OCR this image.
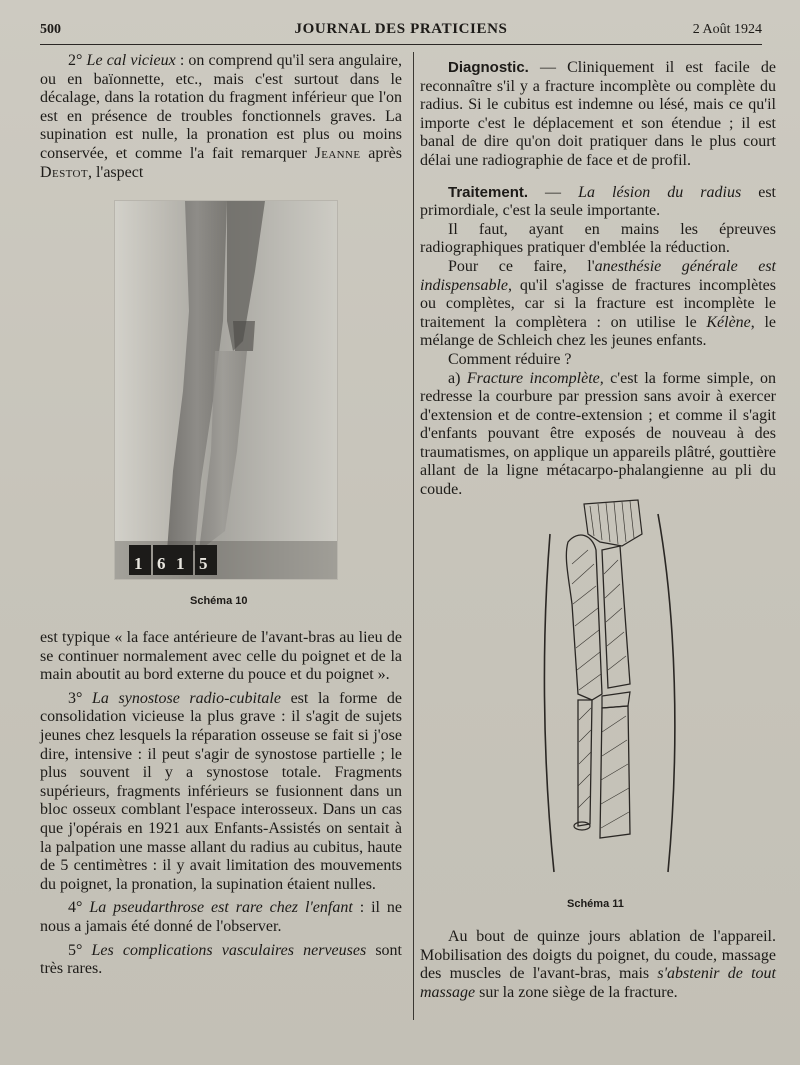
500	JOURNAL DES PRATICIENS	2 Août 1924

2° Le cal vicieux : on comprend qu'il sera angulaire, ou en baïonnette, etc., mais c'est surtout dans le décalage, dans la rotation du fragment inférieur que l'on est en présence de troubles fonctionnels graves. La supination est nulle, la pronation est plus ou moins conservée, et comme l'a fait remarquer Jeanne après Destot, l'aspect

1 6 1 5
Schéma 10

est typique « la face antérieure de l'avant-bras au lieu de se continuer normalement avec celle du poignet et de la main aboutit au bord externe du pouce et du poignet ».

3° La synostose radio-cubitale est la forme de consolidation vicieuse la plus grave : il s'agit de sujets jeunes chez lesquels la réparation osseuse se fait si j'ose dire, intensive : il peut s'agir de synostose partielle ; le plus souvent il y a synostose totale. Fragments supérieurs, fragments inférieurs se fusionnent dans un bloc osseux comblant l'espace interosseux. Dans un cas que j'opérais en 1921 aux Enfants-Assistés on sentait à la palpation une masse allant du radius au cubitus, haute de 5 centimètres : il y avait limitation des mouvements du poignet, la pronation, la supination étaient nulles.

4° La pseudarthrose est rare chez l'enfant : il ne nous a jamais été donné de l'observer.

5° Les complications vasculaires nerveuses sont très rares.

Diagnostic. — Cliniquement il est facile de reconnaître s'il y a fracture incomplète ou complète du radius. Si le cubitus est indemne ou lésé, mais ce qu'il importe c'est le déplacement et son étendue ; il est banal de dire qu'on doit pratiquer dans le plus court délai une radiographie de face et de profil.

Traitement. — La lésion du radius est primordiale, c'est la seule importante.

Il faut, ayant en mains les épreuves radiographiques pratiquer d'emblée la réduction.

Pour ce faire, l'anesthésie générale est indispensable, qu'il s'agisse de fractures incomplètes ou complètes, car si la fracture est incomplète le traitement la complètera : on utilise le Kélène, le mélange de Schleich chez les jeunes enfants.

Comment réduire ?

a) Fracture incomplète, c'est la forme simple, on redresse la courbure par pression sans avoir à exercer d'extension et de contre-extension ; et comme il s'agit d'enfants pouvant être exposés de nouveau à des traumatismes, on applique un appareils plâtré, gouttière allant de la ligne métacarpo-phalangienne au pli du coude.

Schéma 11

Au bout de quinze jours ablation de l'appareil. Mobilisation des doigts du poignet, du coude, massage des muscles de l'avant-bras, mais s'abstenir de tout massage sur la zone siège de la fracture.
